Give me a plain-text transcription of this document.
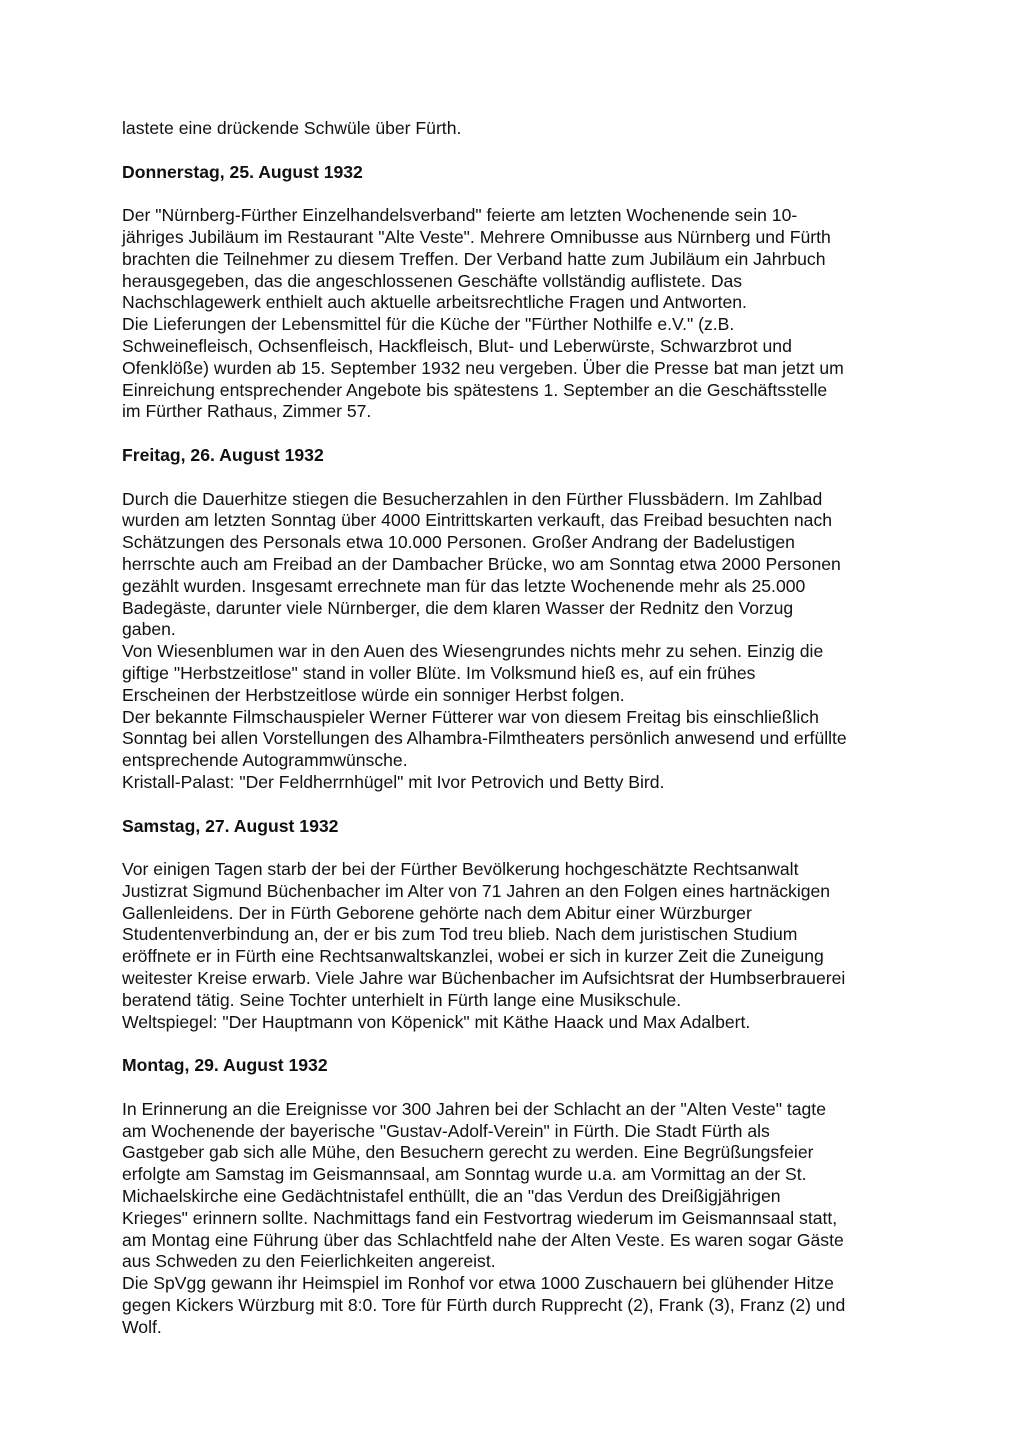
lastete eine drückende Schwüle über Fürth.

Donnerstag, 25. August 1932

Der "Nürnberg-Fürther Einzelhandelsverband" feierte am letzten Wochenende sein 10-
jähriges Jubiläum im Restaurant "Alte Veste". Mehrere Omnibusse aus Nürnberg und Fürth
brachten die Teilnehmer zu diesem Treffen. Der Verband hatte zum Jubiläum ein Jahrbuch
herausgegeben, das die angeschlossenen Geschäfte vollständig auflistete. Das
Nachschlagewerk enthielt auch aktuelle arbeitsrechtliche Fragen und Antworten.

Die Lieferungen der Lebensmittel für die Küche der "Fürther Nothilfe e.V." (z.B.
Schweinefleisch, Ochsenfleisch, Hackfleisch, Blut- und Leberwürste, Schwarzbrot und
Ofenklöße) wurden ab 15. September 1932 neu vergeben. Über die Presse bat man jetzt um
Einreichung entsprechender Angebote bis spätestens 1. September an die Geschäftsstelle
im Fürther Rathaus, Zimmer 57.

Freitag, 26. August 1932

Durch die Dauerhitze stiegen die Besucherzahlen in den Fürther Flussbädern. Im Zahlbad
wurden am letzten Sonntag über 4000 Eintrittskarten verkauft, das Freibad besuchten nach
Schätzungen des Personals etwa 10.000 Personen. Großer Andrang der Badelustigen
herrschte auch am Freibad an der Dambacher Brücke, wo am Sonntag etwa 2000 Personen
gezählt wurden. Insgesamt errechnete man für das letzte Wochenende mehr als 25.000
Badegäste, darunter viele Nürnberger, die dem klaren Wasser der Rednitz den Vorzug
gaben.

Von Wiesenblumen war in den Auen des Wiesengrundes nichts mehr zu sehen. Einzig die
giftige "Herbstzeitlose" stand in voller Blüte. Im Volksmund hieß es, auf ein frühes
Erscheinen der Herbstzeitlose würde ein sonniger Herbst folgen.

Der bekannte Filmschauspieler Werner Fütterer war von diesem Freitag bis einschließlich
Sonntag bei allen Vorstellungen des Alhambra-Filmtheaters persönlich anwesend und erfüllte
entsprechende Autogrammwünsche.

Kristall-Palast: "Der Feldherrnhügel" mit Ivor Petrovich und Betty Bird.

Samstag, 27. August 1932

Vor einigen Tagen starb der bei der Fürther Bevölkerung hochgeschätzte Rechtsanwalt
Justizrat Sigmund Büchenbacher im Alter von 71 Jahren an den Folgen eines hartnäckigen
Gallenleidens. Der in Fürth Geborene gehörte nach dem Abitur einer Würzburger
Studentenverbindung an, der er bis zum Tod treu blieb. Nach dem juristischen Studium
eröffnete er in Fürth eine Rechtsanwaltskanzlei, wobei er sich in kurzer Zeit die Zuneigung
weitester Kreise erwarb. Viele Jahre war Büchenbacher im Aufsichtsrat der Humbserbrauerei
beratend tätig. Seine Tochter unterhielt in Fürth lange eine Musikschule.

Weltspiegel: "Der Hauptmann von Köpenick" mit Käthe Haack und Max Adalbert.

Montag, 29. August 1932

In Erinnerung an die Ereignisse vor 300 Jahren bei der Schlacht an der "Alten Veste" tagte
am Wochenende der bayerische "Gustav-Adolf-Verein" in Fürth. Die Stadt Fürth als
Gastgeber gab sich alle Mühe, den Besuchern gerecht zu werden. Eine Begrüßungsfeier
erfolgte am Samstag im Geismannsaal, am Sonntag wurde u.a. am Vormittag an der St.
Michaelskirche eine Gedächtnistafel enthüllt, die an "das Verdun des Dreißigjährigen
Krieges" erinnern sollte. Nachmittags fand ein Festvortrag wiederum im Geismannsaal statt,
am Montag eine Führung über das Schlachtfeld nahe der Alten Veste. Es waren sogar Gäste
aus Schweden zu den Feierlichkeiten angereist.

Die SpVgg gewann ihr Heimspiel im Ronhof vor etwa 1000 Zuschauern bei glühender Hitze
gegen Kickers Würzburg mit 8:0. Tore für Fürth durch Rupprecht (2), Frank (3), Franz (2) und
Wolf.
